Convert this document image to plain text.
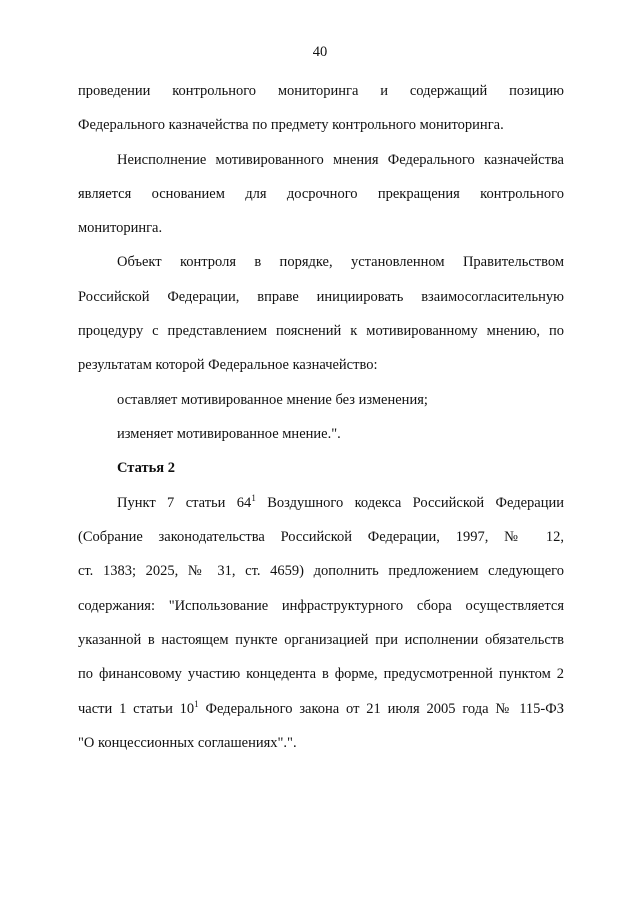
40
проведении контрольного мониторинга и содержащий позицию
Федерального казначейства по предмету контрольного мониторинга.
Неисполнение мотивированного мнения Федерального казначейства
является основанием для досрочного прекращения контрольного
мониторинга.
Объект контроля в порядке, установленном Правительством
Российской Федерации, вправе инициировать взаимосогласительную
процедуру с представлением пояснений к мотивированному мнению, по
результатам которой Федеральное казначейство:
оставляет мотивированное мнение без изменения;
изменяет мотивированное мнение.".
Статья 2
Пункт 7 статьи $64^1$ Воздушного кодекса Российской Федерации
(Собрание законодательства Российской Федерации, 1997, № 12,
ст. 1383; 2025, № 31, ст. 4659) дополнить предложением следующего
содержания: "Использование инфраструктурного сбора осуществляется
указанной в настоящем пункте организацией при исполнении обязательств
по финансовому участию концедента в форме, предусмотренной пунктом 2
части 1 статьи $10^1$ Федерального закона от 21 июля 2005 года № 115-ФЗ
"О концессионных соглашениях".".
